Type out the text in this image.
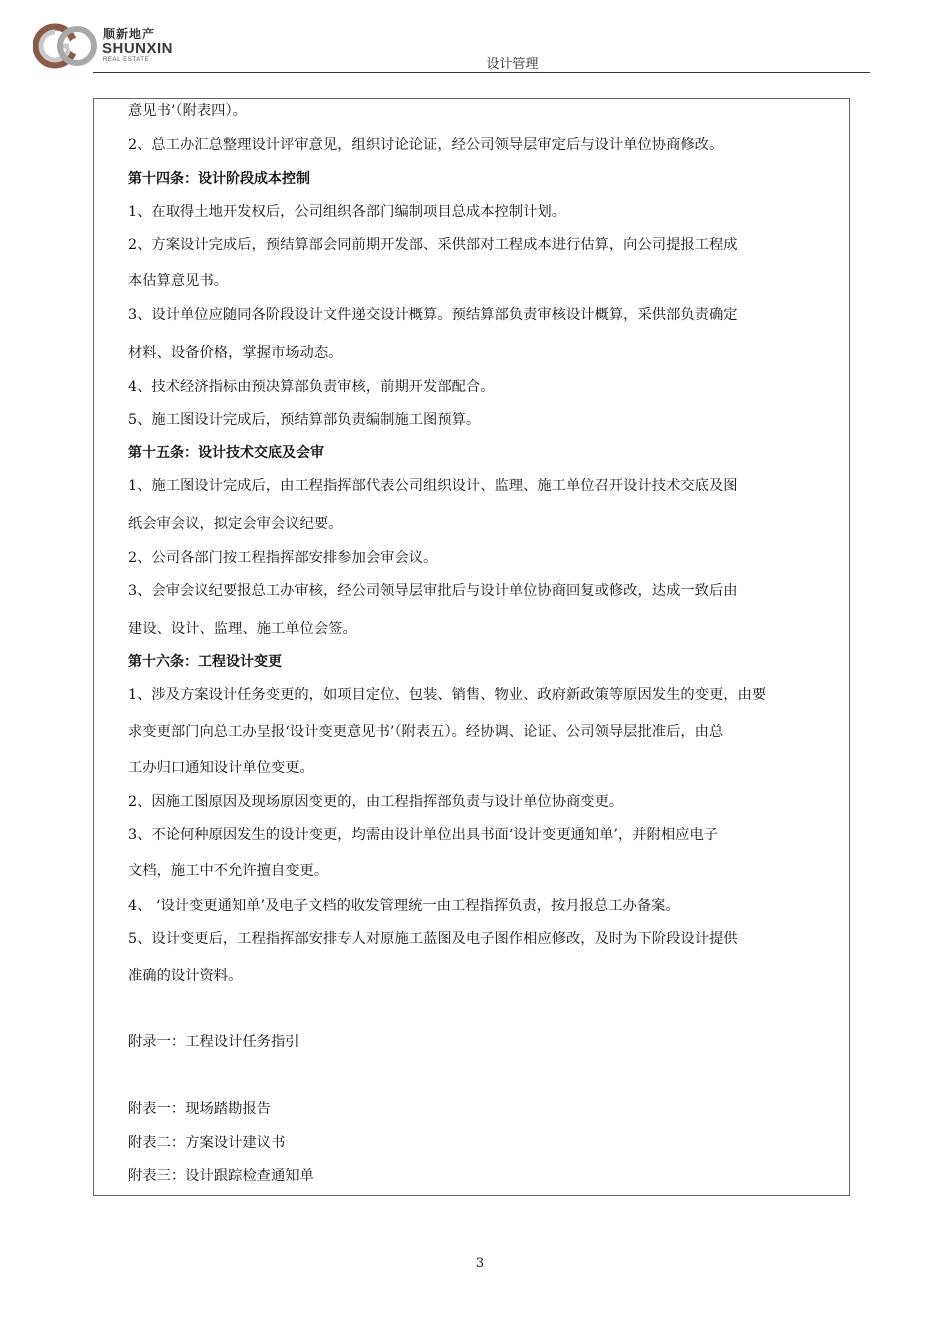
顺新地产
SHUNXIN
REAL ESTATE	设计管理
意见书’（附表四）。
2、总工办汇总整理设计评审意见，组织讨论论证，经公司领导层审定后与设计单位协商修改。
第十四条：设计阶段成本控制
1、在取得土地开发权后，公司组织各部门编制项目总成本控制计划。
2、方案设计完成后，预结算部会同前期开发部、采供部对工程成本进行估算，向公司提报工程成
本估算意见书。
3、设计单位应随同各阶段设计文件递交设计概算。预结算部负责审核设计概算，采供部负责确定
材料、设备价格，掌握市场动态。
4、技术经济指标由预决算部负责审核，前期开发部配合。
5、施工图设计完成后，预结算部负责编制施工图预算。
第十五条：设计技术交底及会审
1、施工图设计完成后，由工程指挥部代表公司组织设计、监理、施工单位召开设计技术交底及图
纸会审会议，拟定会审会议纪要。
2、公司各部门按工程指挥部安排参加会审会议。
3、会审会议纪要报总工办审核，经公司领导层审批后与设计单位协商回复或修改，达成一致后由
建设、设计、监理、施工单位会签。
第十六条：工程设计变更
1、涉及方案设计任务变更的，如项目定位、包装、销售、物业、政府新政策等原因发生的变更，由要
求变更部门向总工办呈报‘设计变更意见书’（附表五）。经协调、论证、公司领导层批准后，由总
工办归口通知设计单位变更。
2、因施工图原因及现场原因变更的，由工程指挥部负责与设计单位协商变更。
3、不论何种原因发生的设计变更，均需由设计单位出具书面‘设计变更通知单’，并附相应电子
文档，施工中不允许擅自变更。
4、 ‘设计变更通知单’及电子文档的收发管理统一由工程指挥负责，按月报总工办备案。
5、设计变更后，工程指挥部安排专人对原施工蓝图及电子图作相应修改，及时为下阶段设计提供
准确的设计资料。
附录一：工程设计任务指引
附表一：现场踏勘报告
附表二：方案设计建议书
附表三：设计跟踪检查通知单
3
